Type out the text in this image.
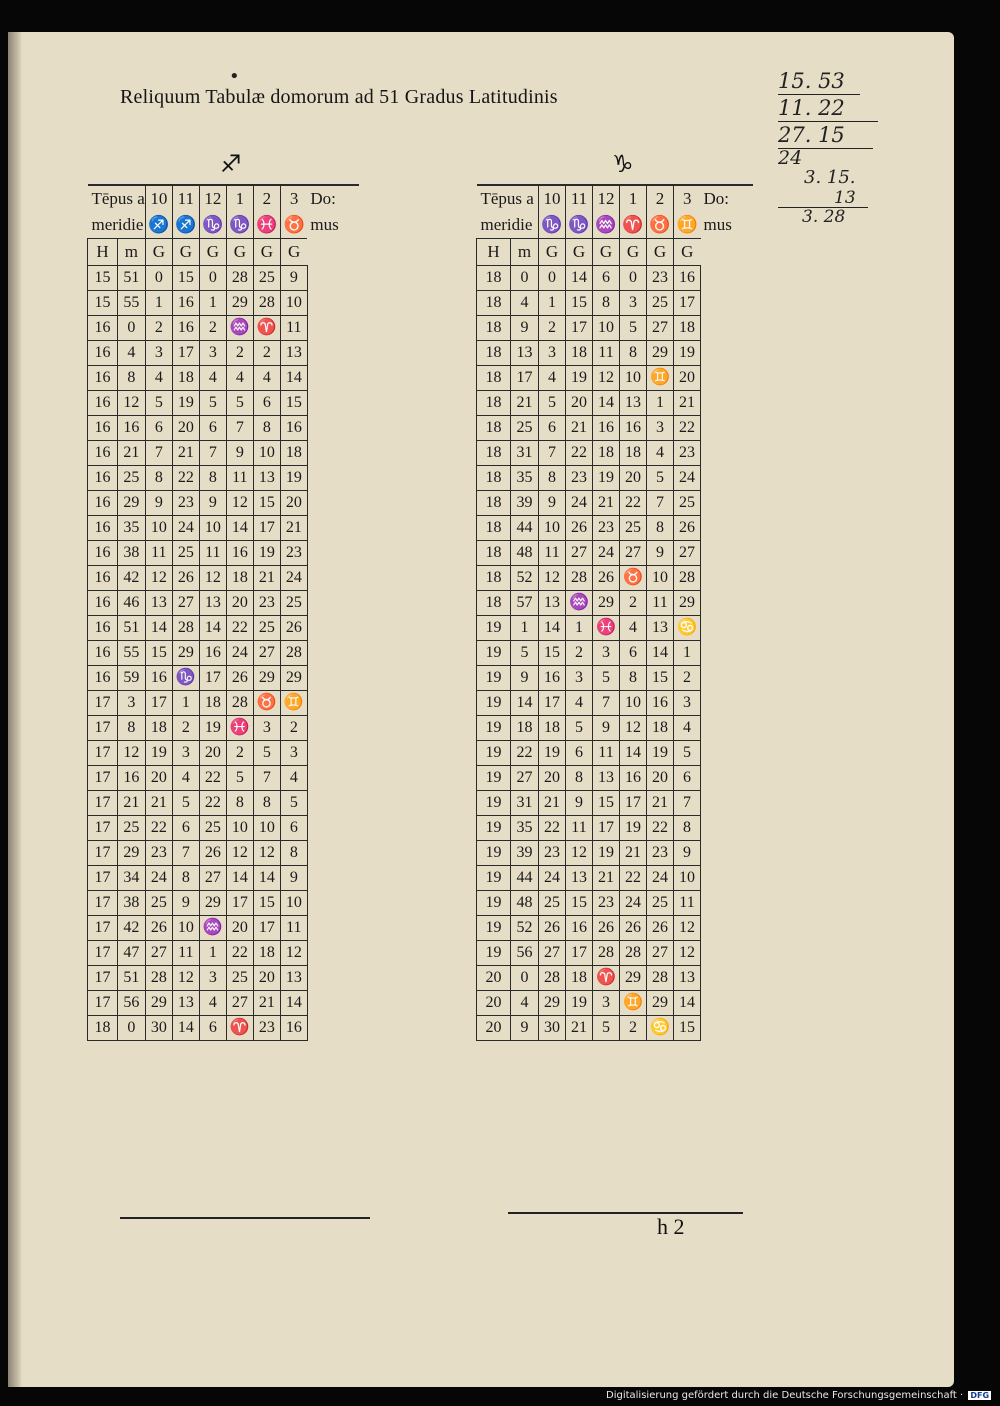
•
Reliquum Tabulæ domorum ad 51 Gradus Latitudinis
♐	♑
15. 53
11. 22
27. 15
24
3. 15.
13
3. 28
Tēpus a		10	11	12	1	2	3	Do:
meridie		♐	♐	♑	♑	♓	♉	mus
H	m	G	G	G	G	G	G	
15	51	0	15	0	28	25	9	
15	55	1	16	1	29	28	10	
16	0	2	16	2	♒	♈	11	
16	4	3	17	3	2	2	13	
16	8	4	18	4	4	4	14	
16	12	5	19	5	5	6	15	
16	16	6	20	6	7	8	16	
16	21	7	21	7	9	10	18	
16	25	8	22	8	11	13	19	
16	29	9	23	9	12	15	20	
16	35	10	24	10	14	17	21	
16	38	11	25	11	16	19	23	
16	42	12	26	12	18	21	24	
16	46	13	27	13	20	23	25	
16	51	14	28	14	22	25	26	
16	55	15	29	16	24	27	28	
16	59	16	♑	17	26	29	29	
17	3	17	1	18	28	♉	♊	
17	8	18	2	19	♓	3	2	
17	12	19	3	20	2	5	3	
17	16	20	4	22	5	7	4	
17	21	21	5	22	8	8	5	
17	25	22	6	25	10	10	6	
17	29	23	7	26	12	12	8	
17	34	24	8	27	14	14	9	
17	38	25	9	29	17	15	10	
17	42	26	10	♒	20	17	11	
17	47	27	11	1	22	18	12	
17	51	28	12	3	25	20	13	
17	56	29	13	4	27	21	14	
18	0	30	14	6	♈	23	16	
Tēpus a		10	11	12	1	2	3	Do:
meridie		♑	♑	♒	♈	♉	♊	mus
H	m	G	G	G	G	G	G	
18	0	0	14	6	0	23	16	
18	4	1	15	8	3	25	17	
18	9	2	17	10	5	27	18	
18	13	3	18	11	8	29	19	
18	17	4	19	12	10	♊	20	
18	21	5	20	14	13	1	21	
18	25	6	21	16	16	3	22	
18	31	7	22	18	18	4	23	
18	35	8	23	19	20	5	24	
18	39	9	24	21	22	7	25	
18	44	10	26	23	25	8	26	
18	48	11	27	24	27	9	27	
18	52	12	28	26	♉	10	28	
18	57	13	♒	29	2	11	29	
19	1	14	1	♓	4	13	♋	
19	5	15	2	3	6	14	1	
19	9	16	3	5	8	15	2	
19	14	17	4	7	10	16	3	
19	18	18	5	9	12	18	4	
19	22	19	6	11	14	19	5	
19	27	20	8	13	16	20	6	
19	31	21	9	15	17	21	7	
19	35	22	11	17	19	22	8	
19	39	23	12	19	21	23	9	
19	44	24	13	21	22	24	10	
19	48	25	15	23	24	25	11	
19	52	26	16	26	26	26	12	
19	56	27	17	28	28	27	12	
20	0	28	18	♈	29	28	13	
20	4	29	19	3	♊	29	14	
20	9	30	21	5	2	♋	15	
h 2
Digitalisierung gefördert durch die Deutsche Forschungsgemeinschaft · DFG
